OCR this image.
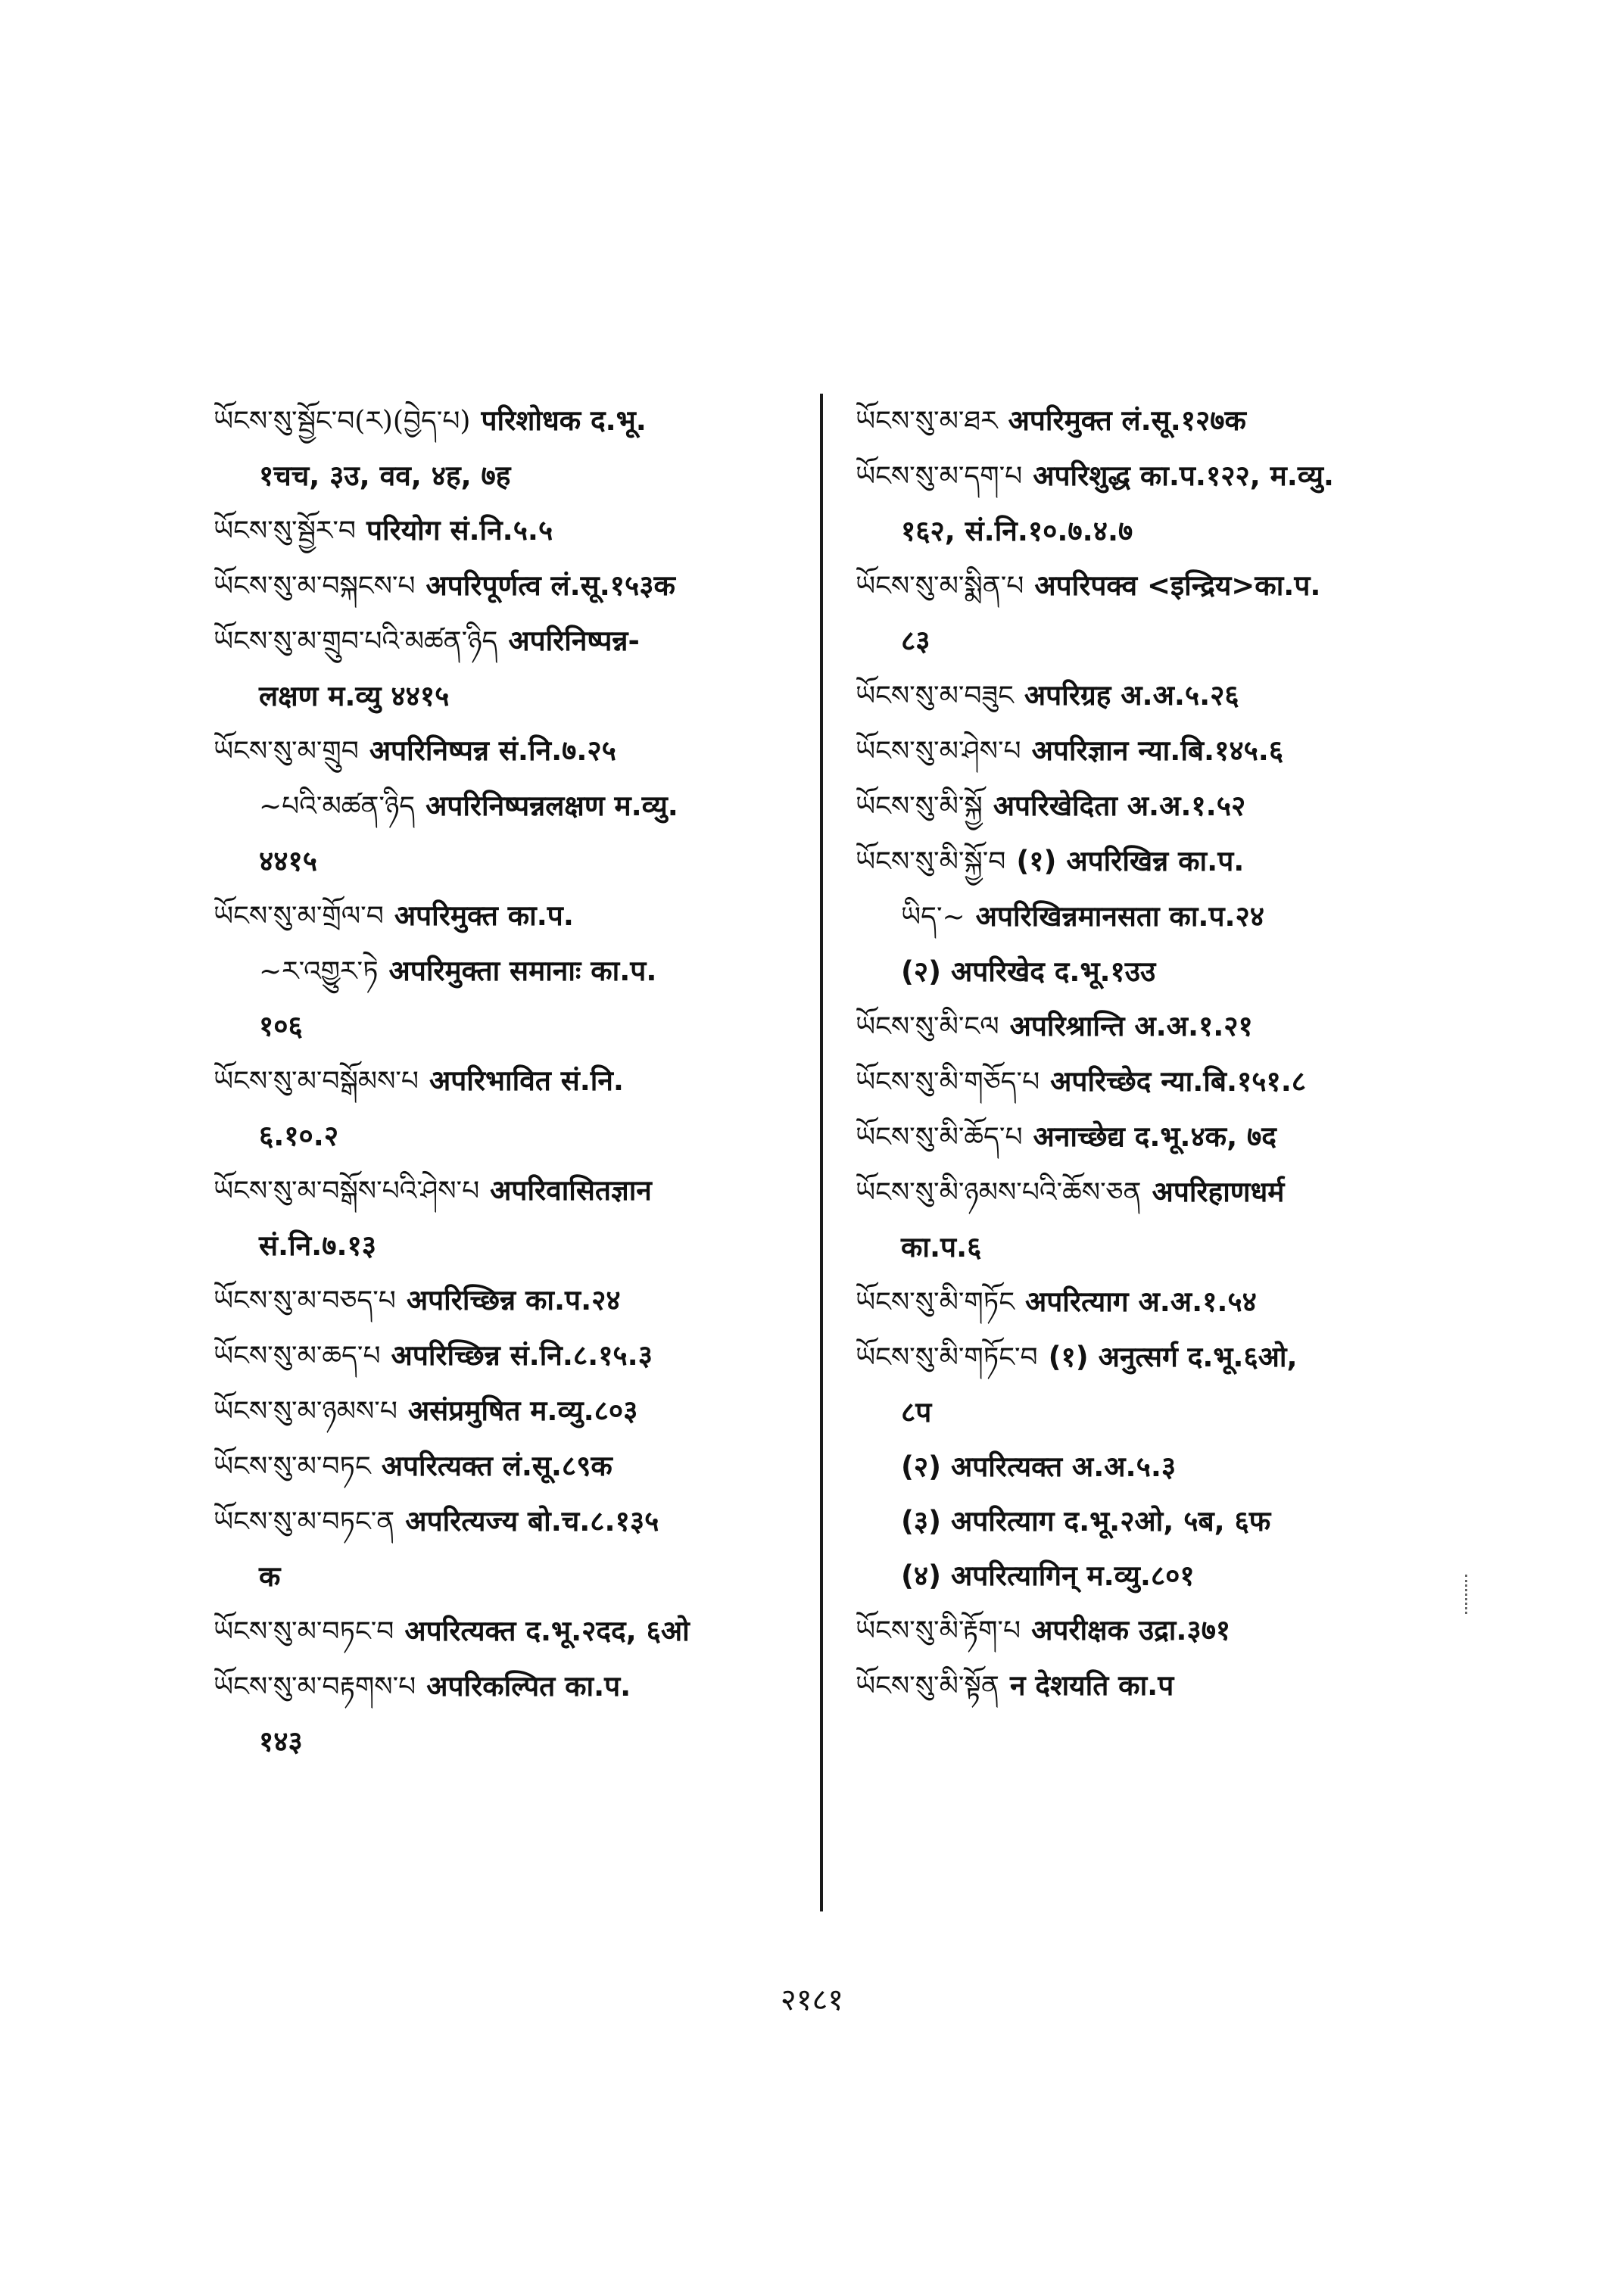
ཡོངས་སུ་སྦྱོང་བ(ར)(བྱེད་པ) परिशोधक द.भू.

१चच, ३उ, वव, ४ह, ७ह

ཡོངས་སུ་སྦྱོར་བ परियोग सं.नि.५.५

ཡོངས་སུ་མ་བསྐངས་པ अपरिपूर्णत्व लं.सू.१५३क

ཡོངས་སུ་མ་གྲུབ་པའི་མཚན་ཉིད अपरिनिष्पन्न-

लक्षण म.व्यु ४४१५

ཡོངས་སུ་མ་གྲུབ अपरिनिष्पन्न सं.नि.७.२५

~པའི་མཚན་ཉིད अपरिनिष्पन्नलक्षण म.व्यु.

४४१५

ཡོངས་སུ་མ་གྲོལ་བ अपरिमुक्त का.प.

~ར་འགྱུར་ཏེ अपरिमुक्ता समानाः का.प.

१०६

ཡོངས་སུ་མ་བསྒོམས་པ अपरिभावित सं.नि.

६.१०.२

ཡོངས་སུ་མ་བསྒོས་པའི་ཤེས་པ अपरिवासितज्ञान

सं.नि.७.१३

ཡོངས་སུ་མ་བཅད་པ अपरिच्छिन्न का.प.२४

ཡོངས་སུ་མ་ཆད་པ अपरिच्छिन्न सं.नि.८.१५.३

ཡོངས་སུ་མ་ཉམས་པ असंप्रमुषित म.व्यु.८०३

ཡོངས་སུ་མ་བཏང अपरित्यक्त लं.सू.८९क

ཡོངས་སུ་མ་བཏང་ན अपरित्यज्य बो.च.८.१३५

क

ཡོངས་སུ་མ་བཏང་བ अपरित्यक्त द.भू.२दद, ६ओ

ཡོངས་སུ་མ་བརྟགས་པ अपरिकल्पित का.प.

१४३

ཡོངས་སུ་མ་ཐར अपरिमुक्त लं.सू.१२७क

ཡོངས་སུ་མ་དག་པ अपरिशुद्ध का.प.१२२, म.व्यु.

१६२, सं.नि.१०.७.४.७

ཡོངས་སུ་མ་སྨིན་པ अपरिपक्व <इन्द्रिय>का.प.

८३

ཡོངས་སུ་མ་བཟུང अपरिग्रह अ.अ.५.२६

ཡོངས་སུ་མ་ཤེས་པ अपरिज्ञान न्या.बि.१४५.६

ཡོངས་སུ་མི་སྐྱོ अपरिखेदिता अ.अ.१.५२

ཡོངས་སུ་མི་སྐྱོ་བ (१) अपरिखिन्न का.प.

ཡིད་~ अपरिखिन्नमानसता का.प.२४

(२) अपरिखेद द.भू.१उउ

ཡོངས་སུ་མི་ངལ अपरिश्रान्ति अ.अ.१.२१

ཡོངས་སུ་མི་གཅོད་པ अपरिच्छेद न्या.बि.१५१.८

ཡོངས་སུ་མི་ཆོད་པ अनाच्छेद्य द.भू.४क, ७द

ཡོངས་སུ་མི་ཉམས་པའི་ཆོས་ཅན अपरिहाणधर्म

का.प.६

ཡོངས་སུ་མི་གཏོང अपरित्याग अ.अ.१.५४

ཡོངས་སུ་མི་གཏོང་བ (१) अनुत्सर्ग द.भू.६ओ,

८प

(२) अपरित्यक्त अ.अ.५.३

(३) अपरित्याग द.भू.२ओ, ५ब, ६फ

(४) अपरित्यागिन् म.व्यु.८०१

ཡོངས་སུ་མི་རྟོག་པ अपरीक्षक उद्रा.३७१

ཡོངས་སུ་མི་སྟོན न देशयति का.प

२१८१
